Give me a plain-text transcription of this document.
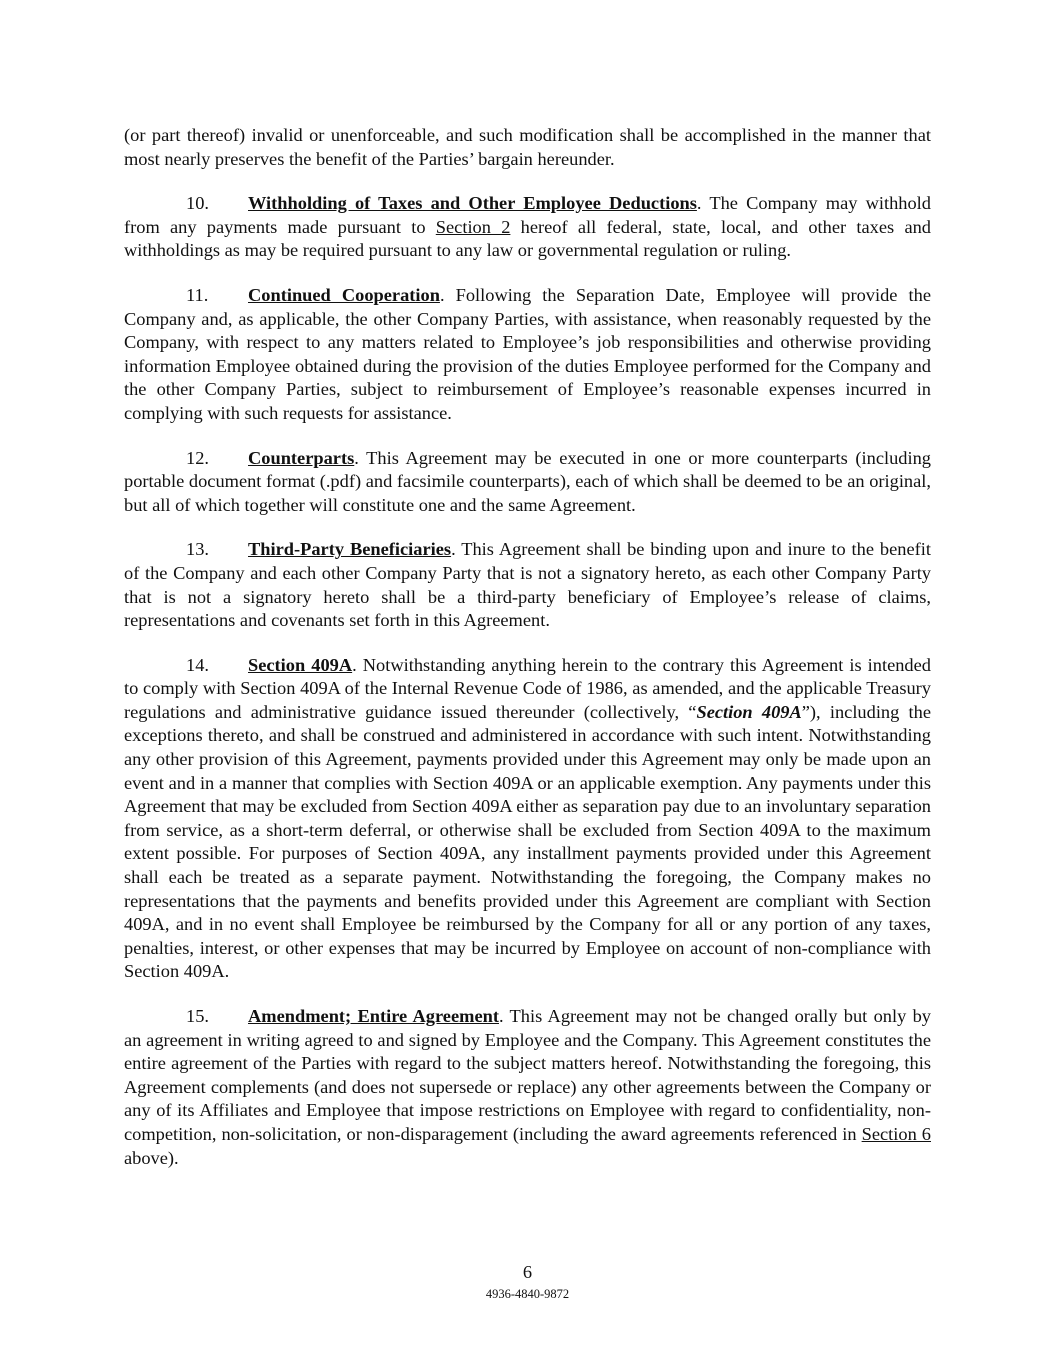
(or part thereof) invalid or unenforceable, and such modification shall be accomplished in the manner that most nearly preserves the benefit of the Parties’ bargain hereunder.

10. Withholding of Taxes and Other Employee Deductions. The Company may withhold from any payments made pursuant to Section 2 hereof all federal, state, local, and other taxes and withholdings as may be required pursuant to any law or governmental regulation or ruling.

11. Continued Cooperation. Following the Separation Date, Employee will provide the Company and, as applicable, the other Company Parties, with assistance, when reasonably requested by the Company, with respect to any matters related to Employee’s job responsibilities and otherwise providing information Employee obtained during the provision of the duties Employee performed for the Company and the other Company Parties, subject to reimbursement of Employee’s reasonable expenses incurred in complying with such requests for assistance.

12. Counterparts. This Agreement may be executed in one or more counterparts (including portable document format (.pdf) and facsimile counterparts), each of which shall be deemed to be an original, but all of which together will constitute one and the same Agreement.

13. Third-Party Beneficiaries. This Agreement shall be binding upon and inure to the benefit of the Company and each other Company Party that is not a signatory hereto, as each other Company Party that is not a signatory hereto shall be a third-party beneficiary of Employee’s release of claims, representations and covenants set forth in this Agreement.

14. Section 409A. Notwithstanding anything herein to the contrary this Agreement is intended to comply with Section 409A of the Internal Revenue Code of 1986, as amended, and the applicable Treasury regulations and administrative guidance issued thereunder (collectively, “Section 409A”), including the exceptions thereto, and shall be construed and administered in accordance with such intent. Notwithstanding any other provision of this Agreement, payments provided under this Agreement may only be made upon an event and in a manner that complies with Section 409A or an applicable exemption. Any payments under this Agreement that may be excluded from Section 409A either as separation pay due to an involuntary separation from service, as a short-term deferral, or otherwise shall be excluded from Section 409A to the maximum extent possible. For purposes of Section 409A, any installment payments provided under this Agreement shall each be treated as a separate payment. Notwithstanding the foregoing, the Company makes no representations that the payments and benefits provided under this Agreement are compliant with Section 409A, and in no event shall Employee be reimbursed by the Company for all or any portion of any taxes, penalties, interest, or other expenses that may be incurred by Employee on account of non-compliance with Section 409A.

15. Amendment; Entire Agreement. This Agreement may not be changed orally but only by an agreement in writing agreed to and signed by Employee and the Company. This Agreement constitutes the entire agreement of the Parties with regard to the subject matters hereof. Notwithstanding the foregoing, this Agreement complements (and does not supersede or replace) any other agreements between the Company or any of its Affiliates and Employee that impose restrictions on Employee with regard to confidentiality, non-competition, non-solicitation, or non-disparagement (including the award agreements referenced in Section 6 above).

6
4936-4840-9872
